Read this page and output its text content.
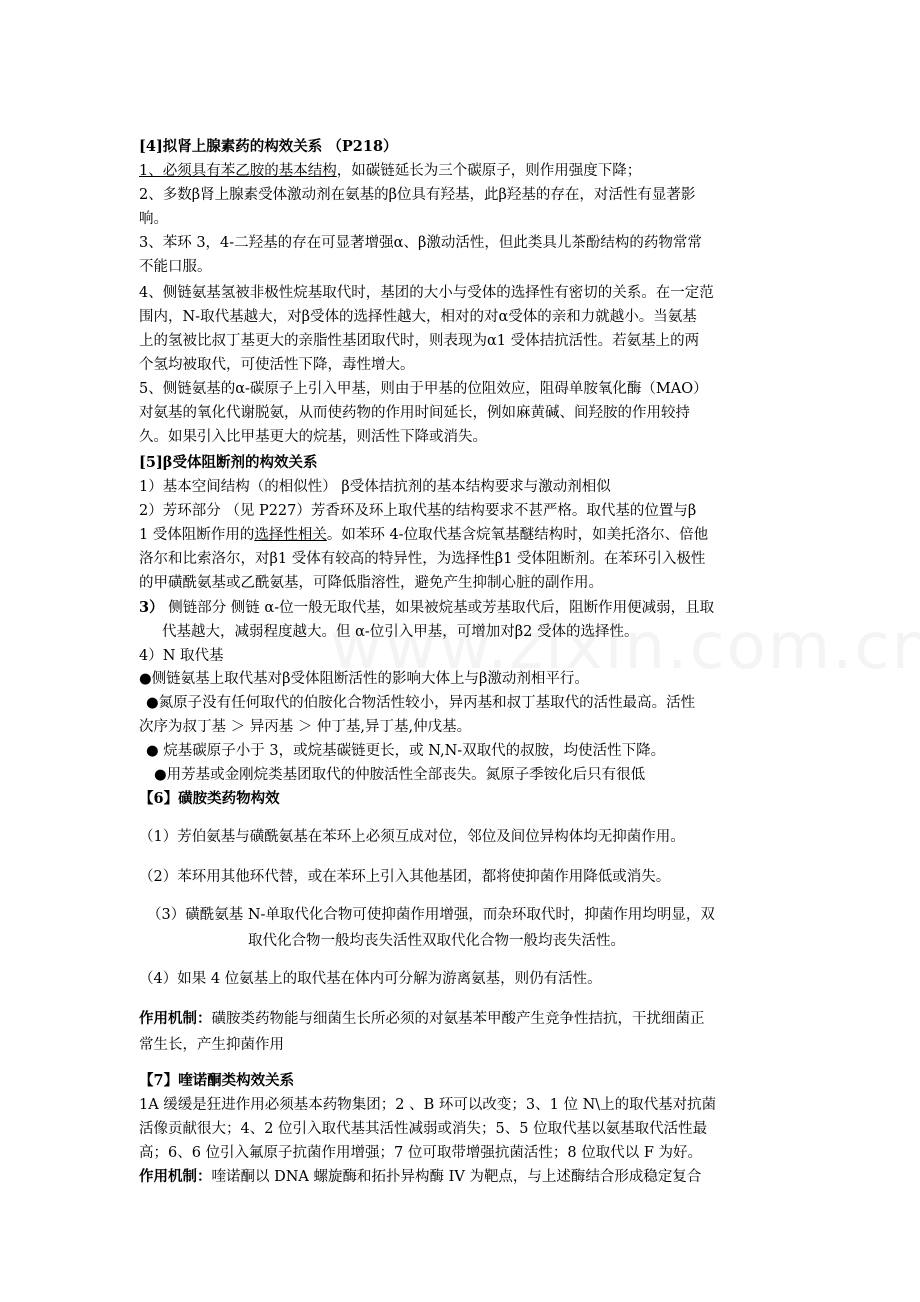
[4]拟肾上腺素药的构效关系 （P218）
1、必须具有苯乙胺的基本结构，如碳链延长为三个碳原子，则作用强度下降；
2、多数β肾上腺素受体激动剂在氨基的β位具有羟基，此β羟基的存在，对活性有显著影
响。
3、苯环 3，4-二羟基的存在可显著增强α、β激动活性，但此类具儿茶酚结构的药物常常
不能口服。
4、侧链氨基氢被非极性烷基取代时，基团的大小与受体的选择性有密切的关系。在一定范
围内，N-取代基越大，对β受体的选择性越大，相对的对α受体的亲和力就越小。当氨基
上的氢被比叔丁基更大的亲脂性基团取代时，则表现为α1 受体拮抗活性。若氨基上的两
个氢均被取代，可使活性下降，毒性增大。
5、侧链氨基的α-碳原子上引入甲基，则由于甲基的位阻效应，阻碍单胺氧化酶（MAO）
对氨基的氧化代谢脱氨，从而使药物的作用时间延长，例如麻黄碱、间羟胺的作用较持
久。如果引入比甲基更大的烷基，则活性下降或消失。
[5]β受体阻断剂的构效关系
1）基本空间结构（的相似性） β受体拮抗剂的基本结构要求与激动剂相似
2）芳环部分 （见 P227）芳香环及环上取代基的结构要求不甚严格。取代基的位置与β
1 受体阻断作用的选择性相关。如苯环 4-位取代基含烷氧基醚结构时，如美托洛尔、倍他
洛尔和比索洛尔，对β1 受体有较高的特异性，为选择性β1 受体阻断剂。在苯环引入极性
的甲磺酰氨基或乙酰氨基，可降低脂溶性，避免产生抑制心脏的副作用。
3） 侧链部分 侧链 α-位一般无取代基，如果被烷基或芳基取代后，阻断作用便减弱，且取
代基越大，减弱程度越大。但 α-位引入甲基，可增加对β2 受体的选择性。
4）N 取代基
●侧链氨基上取代基对β受体阻断活性的影响大体上与β激动剂相平行。
●氮原子没有任何取代的伯胺化合物活性较小，异丙基和叔丁基取代的活性最高。活性
次序为叔丁基 ＞ 异丙基 ＞ 仲丁基,异丁基,仲戊基。
● 烷基碳原子小于 3，或烷基碳链更长，或 N,N-双取代的叔胺，均使活性下降。
●用芳基或金刚烷类基团取代的仲胺活性全部丧失。氮原子季铵化后只有很低
【6】磺胺类药物构效
（1）芳伯氨基与磺酰氨基在苯环上必须互成对位，邻位及间位异构体均无抑菌作用。
（2）苯环用其他环代替，或在苯环上引入其他基团，都将使抑菌作用降低或消失。
（3）磺酰氨基 N-单取代化合物可使抑菌作用增强，而杂环取代时，抑菌作用均明显，双
取代化合物一般均丧失活性双取代化合物一般均丧失活性。
（4）如果 4 位氨基上的取代基在体内可分解为游离氨基，则仍有活性。
作用机制：磺胺类药物能与细菌生长所必须的对氨基苯甲酸产生竞争性拮抗，干扰细菌正
常生长，产生抑菌作用
【7】喹诺酮类构效关系
1A 缓缓是狂进作用必须基本药物集团；2 、B 环可以改变；3、1 位 N\上的取代基对抗菌
活像贡献很大；4、2 位引入取代基其活性减弱或消失；5、5 位取代基以氨基取代活性最
高；6、6 位引入氟原子抗菌作用增强；7 位可取带增强抗菌活性；8 位取代以 F 为好。
作用机制：喹诺酮以 DNA 螺旋酶和拓扑异构酶 IV 为靶点，与上述酶结合形成稳定复合
